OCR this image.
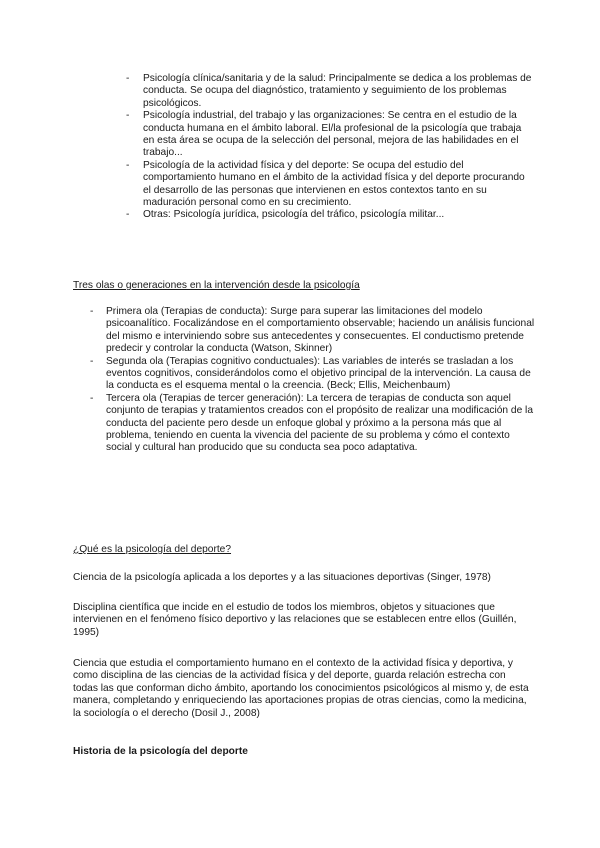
- Psicología clínica/sanitaria y de la salud: Principalmente se dedica a los problemas de conducta. Se ocupa del diagnóstico, tratamiento y seguimiento de los problemas psicológicos.
- Psicología industrial, del trabajo y las organizaciones: Se centra en el estudio de la conducta humana en el ámbito laboral. El/la profesional de la psicología que trabaja en esta área se ocupa de la selección del personal, mejora de las habilidades en el trabajo...
- Psicología de la actividad física y del deporte: Se ocupa del estudio del comportamiento humano en el ámbito de la actividad física y del deporte procurando el desarrollo de las personas que intervienen en estos contextos tanto en su maduración personal como en su crecimiento.
- Otras: Psicología jurídica, psicología del tráfico, psicología militar...
Tres olas o generaciones en la intervención desde la psicología
- Primera ola (Terapias de conducta): Surge para superar las limitaciones del modelo psicoanalítico. Focalizándose en el comportamiento observable; haciendo un análisis funcional del mismo e interviniendo sobre sus antecedentes y consecuentes. El conductismo pretende predecir y controlar la conducta (Watson, Skinner)
- Segunda ola (Terapias cognitivo conductuales): Las variables de interés se trasladan a los eventos cognitivos, considerándolos como el objetivo principal de la intervención. La causa de la conducta es el esquema mental o la creencia. (Beck; Ellis, Meichenbaum)
- Tercera ola (Terapias de tercer generación): La tercera de terapias de conducta son aquel conjunto de terapias y tratamientos creados con el propósito de realizar una modificación de la conducta del paciente pero desde un enfoque global y próximo a la persona más que al problema, teniendo en cuenta la vivencia del paciente de su problema y cómo el contexto social y cultural han producido que su conducta sea poco adaptativa.
¿Qué es la psicología del deporte?

Ciencia de la psicología aplicada a los deportes y a las situaciones deportivas (Singer, 1978)

Disciplina científica que incide en el estudio de todos los miembros, objetos y situaciones que intervienen en el fenómeno físico deportivo y las relaciones que se establecen entre ellos (Guillén, 1995)

Ciencia que estudia el comportamiento humano en el contexto de la actividad física y deportiva, y como disciplina de las ciencias de la actividad física y del deporte, guarda relación estrecha con todas las que conforman dicho ámbito, aportando los conocimientos psicológicos al mismo y, de esta manera, completando y enriqueciendo las aportaciones propias de otras ciencias, como la medicina, la sociología o el derecho (Dosil J., 2008)

Historia de la psicología del deporte
